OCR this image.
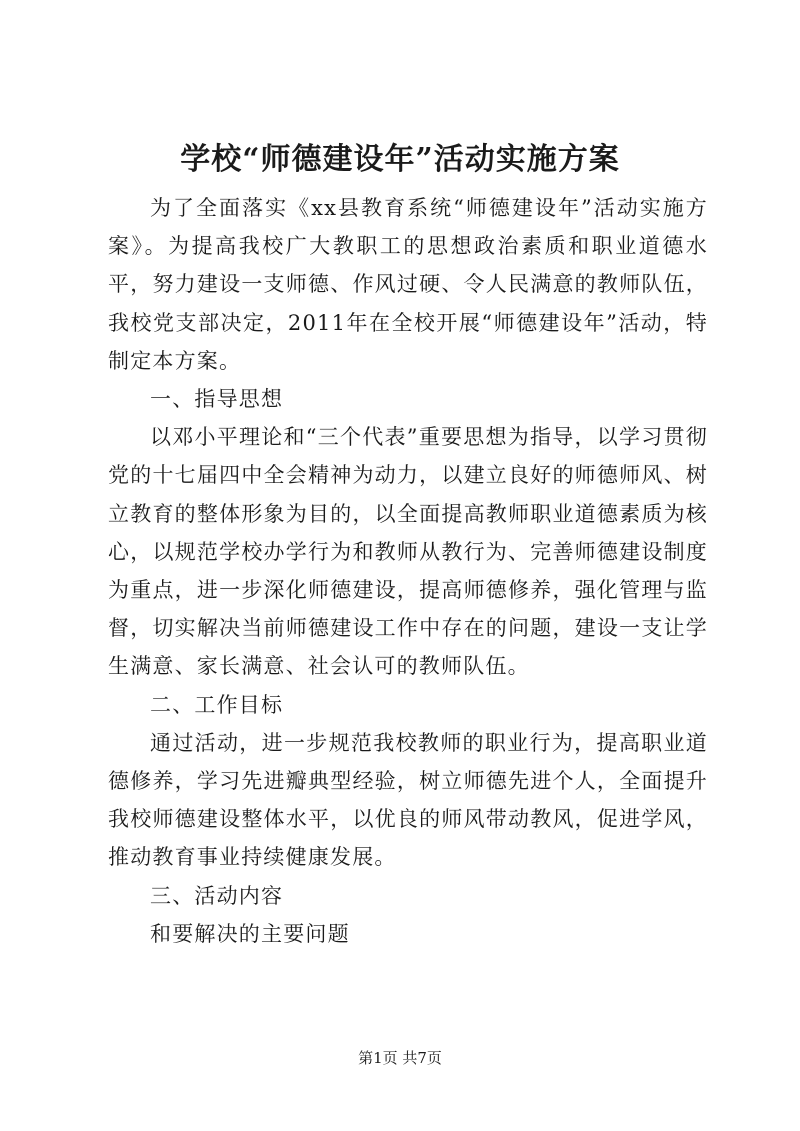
学校“师德建设年”活动实施方案

为了全面落实《xx县教育系统“师德建设年”活动实施方案》。为提高我校广大教职工的思想政治素质和职业道德水平，努力建设一支师德、作风过硬、令人民满意的教师队伍，我校党支部决定，2011年在全校开展“师德建设年”活动，特制定本方案。

一、指导思想

以邓小平理论和“三个代表”重要思想为指导，以学习贯彻党的十七届四中全会精神为动力，以建立良好的师德师风、树立教育的整体形象为目的，以全面提高教师职业道德素质为核心，以规范学校办学行为和教师从教行为、完善师德建设制度为重点，进一步深化师德建设，提高师德修养，强化管理与监督，切实解决当前师德建设工作中存在的问题，建设一支让学生满意、家长满意、社会认可的教师队伍。

二、工作目标

通过活动，进一步规范我校教师的职业行为，提高职业道德修养，学习先进瓣典型经验，树立师德先进个人，全面提升我校师德建设整体水平，以优良的师风带动教风，促进学风，推动教育事业持续健康发展。

三、活动内容

和要解决的主要问题

第1页 共7页
